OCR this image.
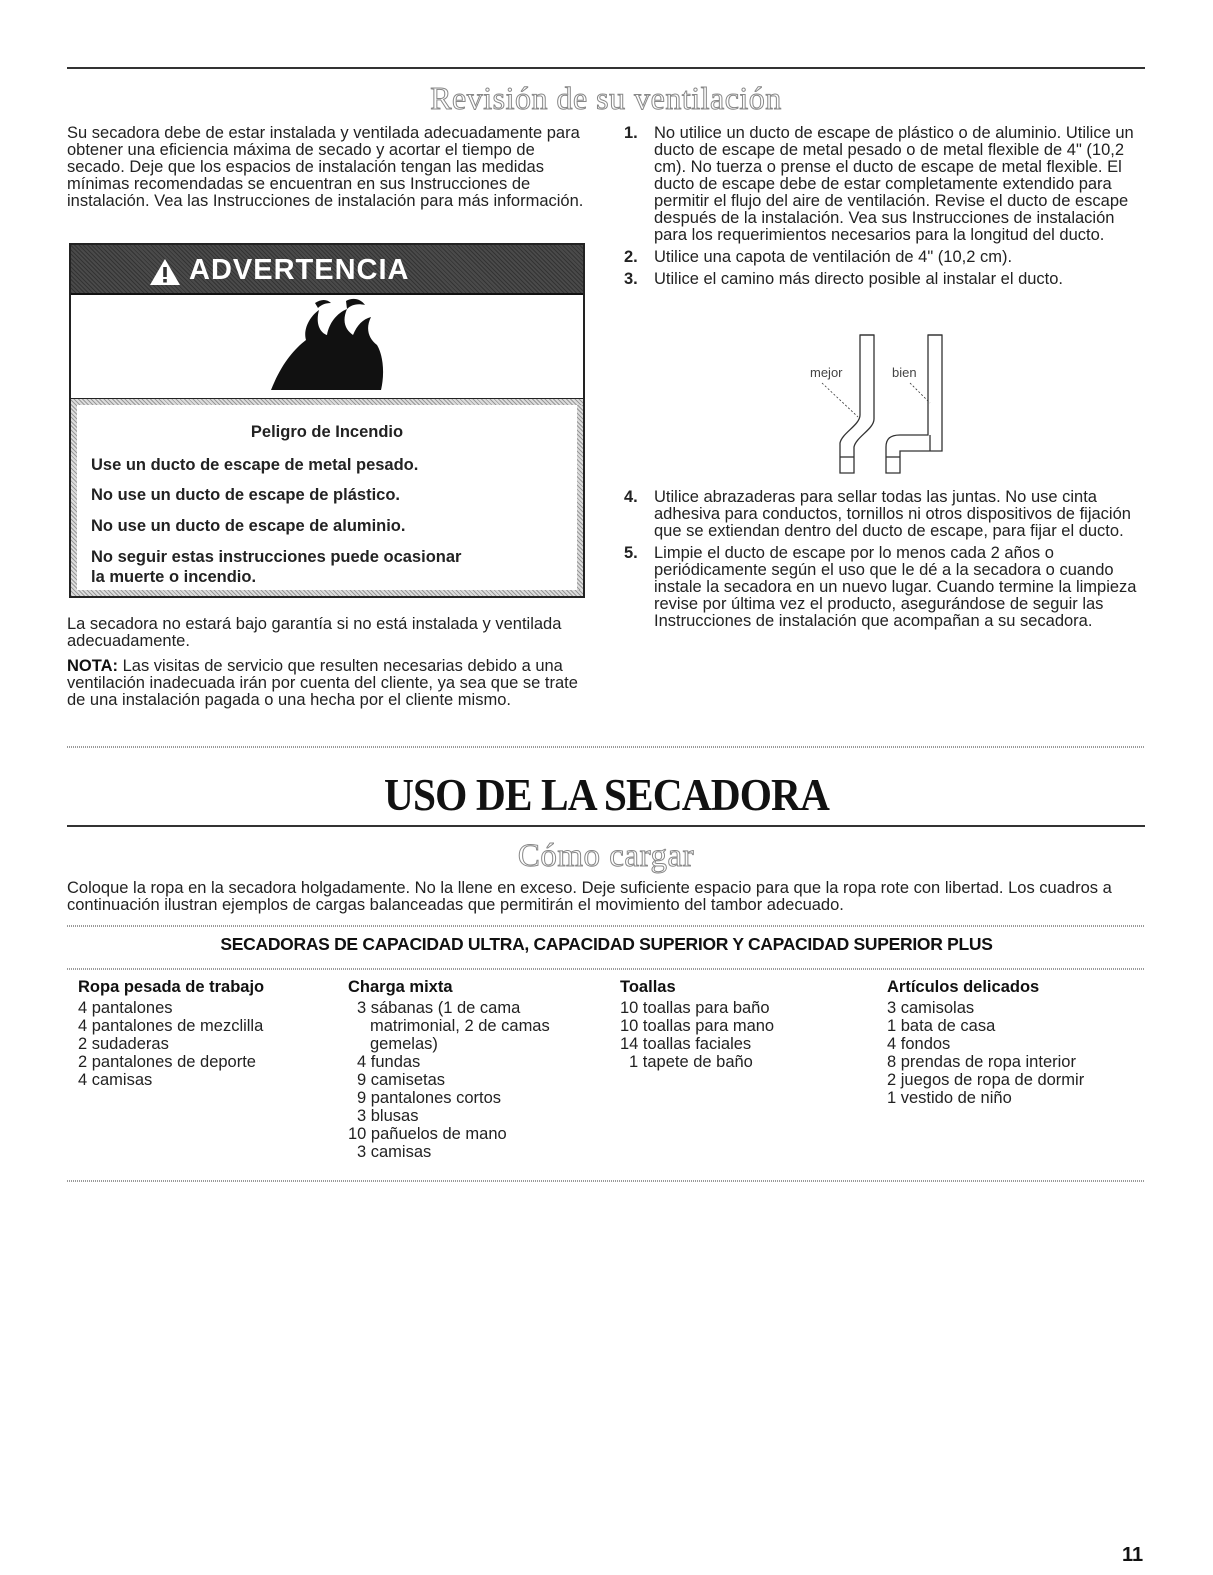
Revisión de su ventilación

Su secadora debe de estar instalada y ventilada adecuadamente para obtener una eficiencia máxima de secado y acortar el tiempo de secado. Deje que los espacios de instalación tengan las medidas mínimas recomendadas se encuentran en sus Instrucciones de instalación. Vea las Instrucciones de instalación para más información.

ADVERTENCIA
Peligro de Incendio
Use un ducto de escape de metal pesado.
No use un ducto de escape de plástico.
No use un ducto de escape de aluminio.
No seguir estas instrucciones puede ocasionar
la muerte o incendio.

La secadora no estará bajo garantía si no está instalada y ventilada adecuadamente.

NOTA: Las visitas de servicio que resulten necesarias debido a una ventilación inadecuada irán por cuenta del cliente, ya sea que se trate de una instalación pagada o una hecha por el cliente mismo.

1. No utilice un ducto de escape de plástico o de aluminio. Utilice un ducto de escape de metal pesado o de metal flexible de 4" (10,2 cm). No tuerza o prense el ducto de escape de metal flexible. El ducto de escape debe de estar completamente extendido para permitir el flujo del aire de ventilación. Revise el ducto de escape después de la instalación. Vea sus Instrucciones de instalación para los requerimientos necesarios para la longitud del ducto.
2. Utilice una capota de ventilación de 4" (10,2 cm).
3. Utilice el camino más directo posible al instalar el ducto.
mejor	bien
4. Utilice abrazaderas para sellar todas las juntas. No use cinta adhesiva para conductos, tornillos ni otros dispositivos de fijación que se extiendan dentro del ducto de escape, para fijar el ducto.
5. Limpie el ducto de escape por lo menos cada 2 años o periódicamente según el uso que le dé a la secadora o cuando instale la secadora en un nuevo lugar. Cuando termine la limpieza revise por última vez el producto, asegurándose de seguir las Instrucciones de instalación que acompañan a su secadora.
USO DE LA SECADORA
Cómo cargar

Coloque la ropa en la secadora holgadamente. No la llene en exceso. Deje suficiente espacio para que la ropa rote con libertad. Los cuadros a continuación ilustran ejemplos de cargas balanceadas que permitirán el movimiento del tambor adecuado.

SECADORAS DE CAPACIDAD ULTRA, CAPACIDAD SUPERIOR Y CAPACIDAD SUPERIOR PLUS
Ropa pesada de trabajo
4 pantalones
4 pantalones de mezclilla
2 sudaderas
2 pantalones de deporte
4 camisas
Charga mixta
3 sábanas (1 de cama
matrimonial, 2 de camas
gemelas)
4 fundas
9 camisetas
9 pantalones cortos
3 blusas
10 pañuelos de mano
3 camisas
Toallas
10 toallas para baño
10 toallas para mano
14 toallas faciales
1 tapete de baño
Artículos delicados
3 camisolas
1 bata de casa
4 fondos
8 prendas de ropa interior
2 juegos de ropa de dormir
1 vestido de niño
11
